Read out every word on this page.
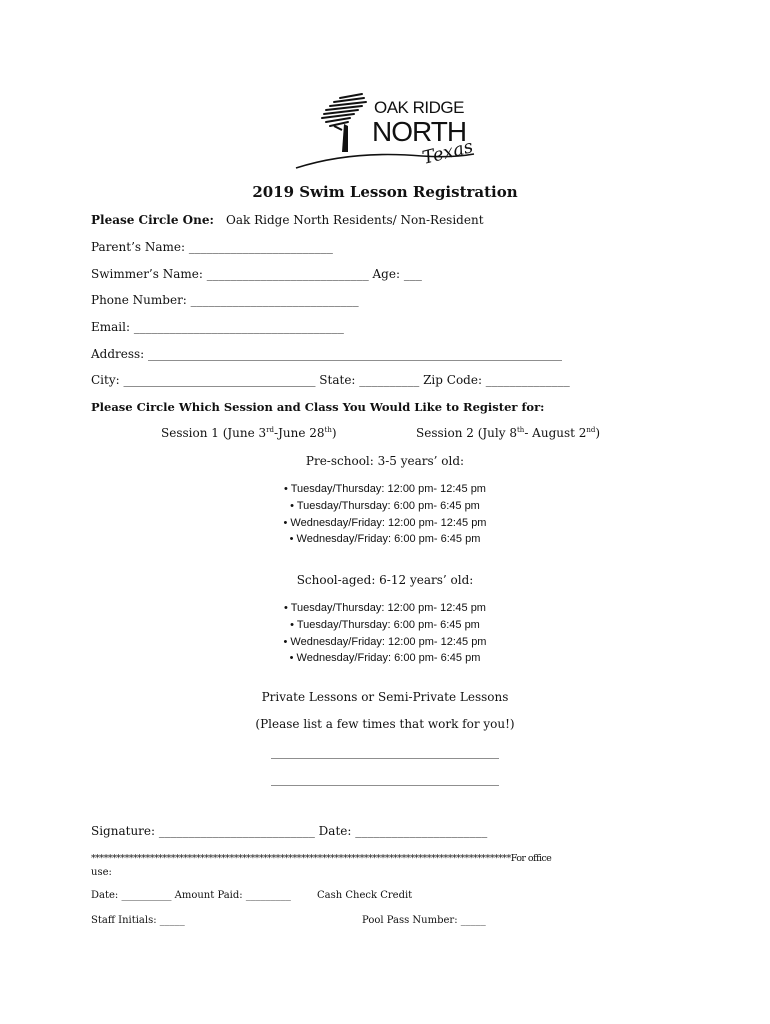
OAK RIDGE
NORTH
Texas
2019 Swim Lesson Registration
Please Circle One: Oak Ridge North Residents/ Non-Resident
Parent’s Name: ________________________
Swimmer’s Name: ___________________________ Age: ___
Phone Number: ____________________________
Email: ___________________________________
Address: _____________________________________________________________________
City: ________________________________ State: __________ Zip Code: ______________
Please Circle Which Session and Class You Would Like to Register for:
Session 1 (June 3rd-June 28th)	Session 2 (July 8th- August 2nd)
Pre-school: 3-5 years’ old:
• Tuesday/Thursday: 12:00 pm- 12:45 pm
• Tuesday/Thursday: 6:00 pm- 6:45 pm
• Wednesday/Friday: 12:00 pm- 12:45 pm
• Wednesday/Friday: 6:00 pm- 6:45 pm
School-aged: 6-12 years’ old:
• Tuesday/Thursday: 12:00 pm- 12:45 pm
• Tuesday/Thursday: 6:00 pm- 6:45 pm
• Wednesday/Friday: 12:00 pm- 12:45 pm
• Wednesday/Friday: 6:00 pm- 6:45 pm
Private Lessons or Semi-Private Lessons
(Please list a few times that work for you!)
______________________________________
______________________________________
Signature: __________________________ Date: ______________________
****************************************************************************************************For office
use:
Date: __________ Amount Paid: _________	Cash Check Credit
Staff Initials: _____	Pool Pass Number: _____
